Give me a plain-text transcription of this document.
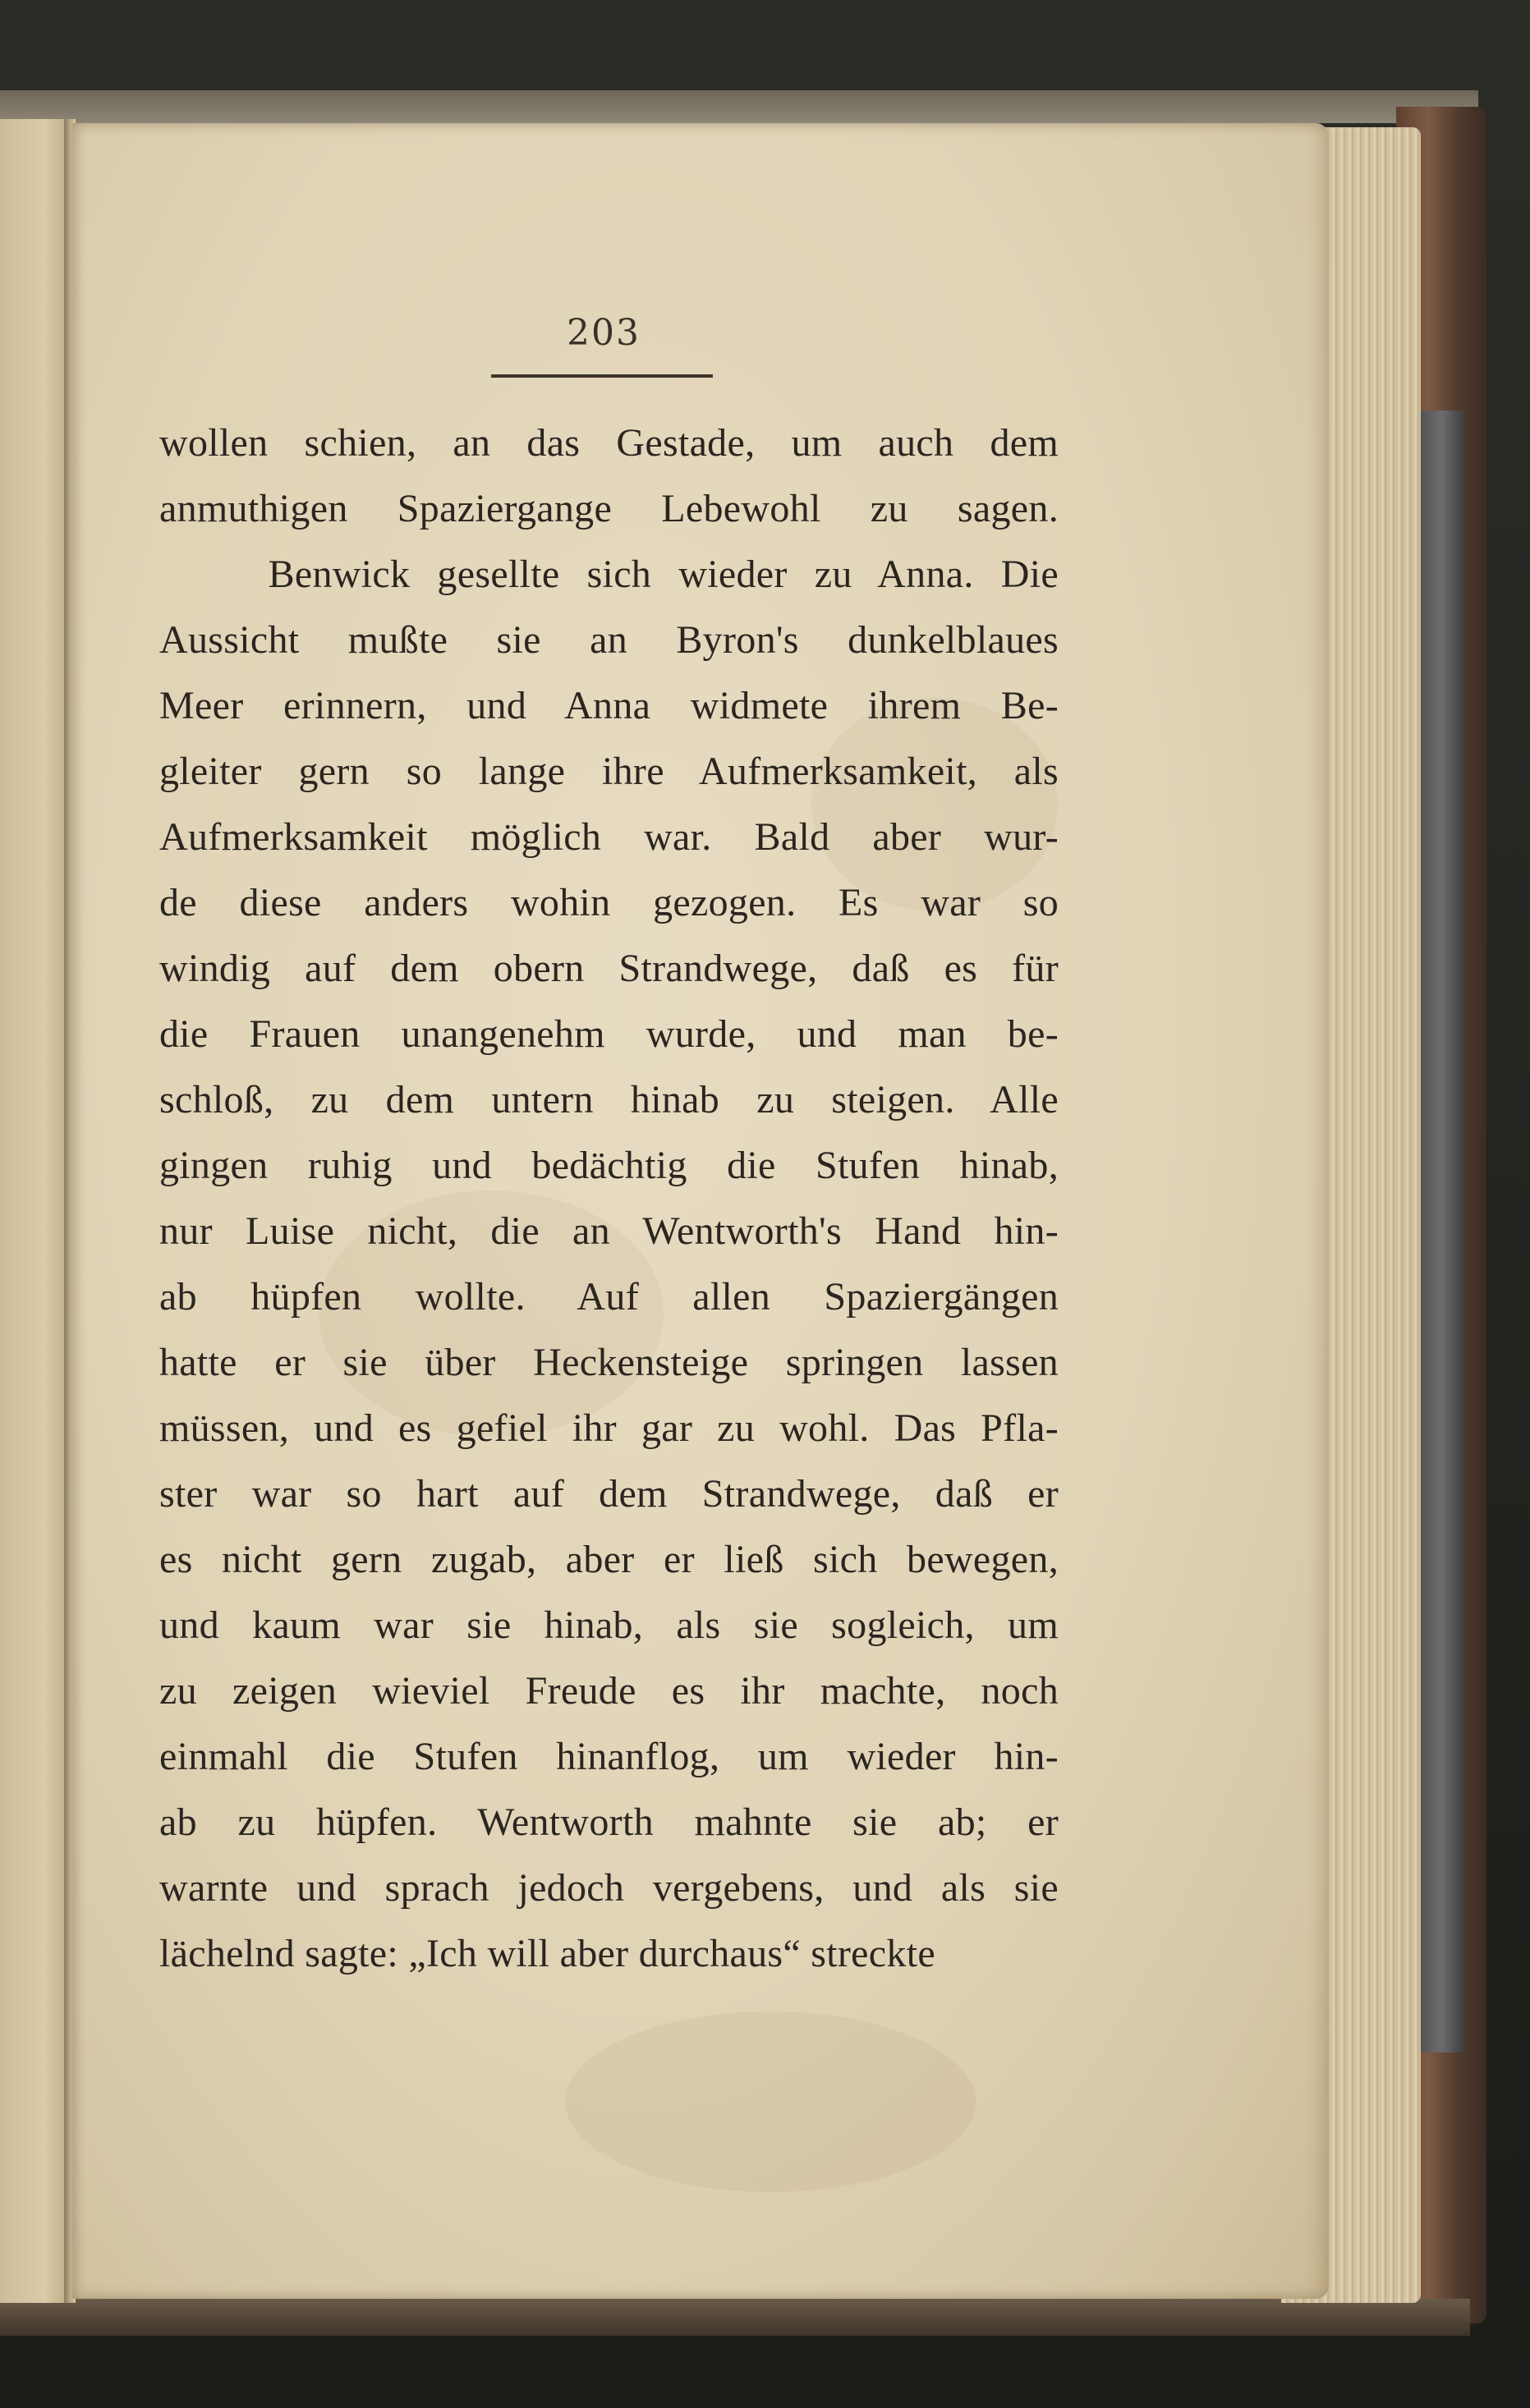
203
wollen schien, an das Gestade, um auch dem
anmuthigen Spaziergange Lebewohl zu sagen.
Benwick gesellte sich wieder zu Anna. Die
Aussicht mußte sie an Byron's dunkelblaues
Meer erinnern, und Anna widmete ihrem Be-
gleiter gern so lange ihre Aufmerksamkeit, als
Aufmerksamkeit möglich war. Bald aber wur-
de diese anders wohin gezogen. Es war so
windig auf dem obern Strandwege, daß es für
die Frauen unangenehm wurde, und man be-
schloß, zu dem untern hinab zu steigen. Alle
gingen ruhig und bedächtig die Stufen hinab,
nur Luise nicht, die an Wentworth's Hand hin-
ab hüpfen wollte. Auf allen Spaziergängen
hatte er sie über Heckensteige springen lassen
müssen, und es gefiel ihr gar zu wohl. Das Pfla-
ster war so hart auf dem Strandwege, daß er
es nicht gern zugab, aber er ließ sich bewegen,
und kaum war sie hinab, als sie sogleich, um
zu zeigen wieviel Freude es ihr machte, noch
einmahl die Stufen hinanflog, um wieder hin-
ab zu hüpfen. Wentworth mahnte sie ab; er
warnte und sprach jedoch vergebens, und als sie
lächelnd sagte: „Ich will aber durchaus“ streckte
